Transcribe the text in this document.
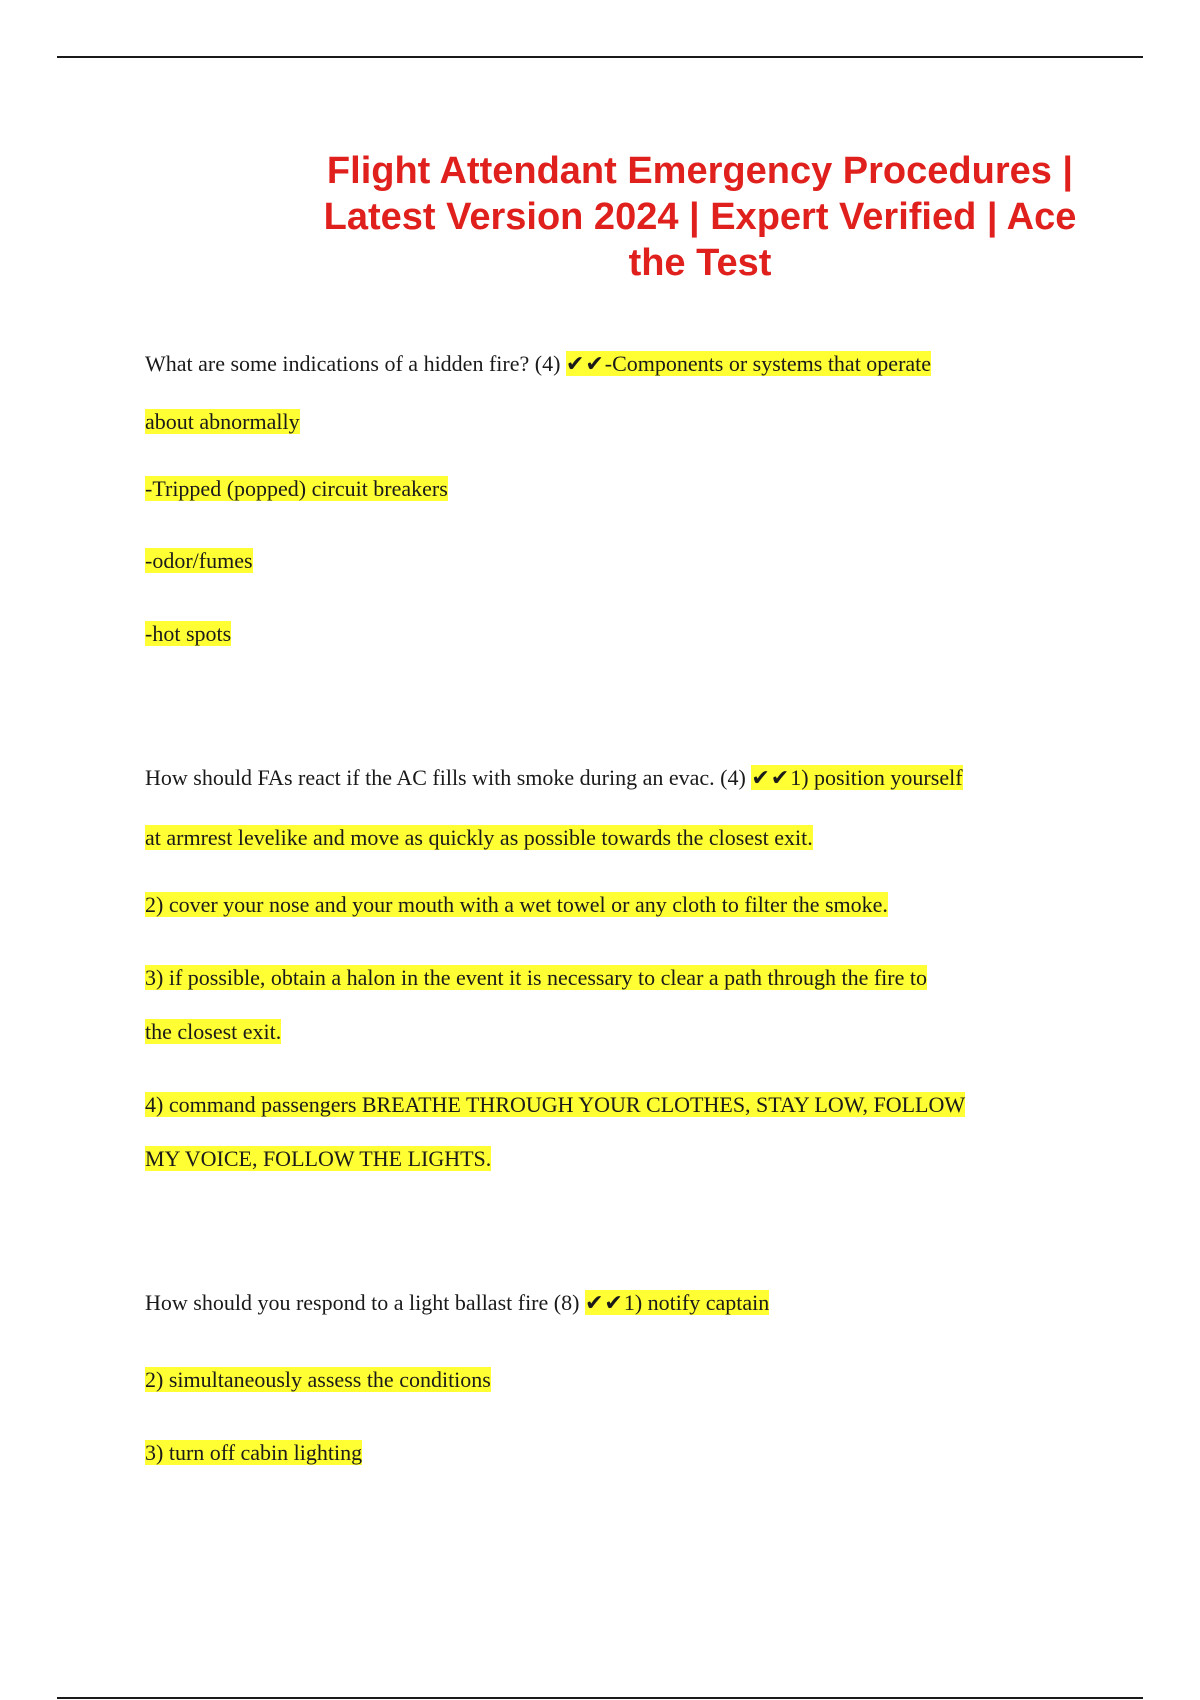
Flight Attendant Emergency Procedures | Latest Version 2024 | Expert Verified | Ace the Test

What are some indications of a hidden fire? (4) ✔✔-Components or systems that operate

about abnormally

-Tripped (popped) circuit breakers

-odor/fumes

-hot spots

How should FAs react if the AC fills with smoke during an evac. (4) ✔✔1) position yourself

at armrest levelike and move as quickly as possible towards the closest exit.

2) cover your nose and your mouth with a wet towel or any cloth to filter the smoke.

3) if possible, obtain a halon in the event it is necessary to clear a path through the fire to

the closest exit.

4) command passengers BREATHE THROUGH YOUR CLOTHES, STAY LOW, FOLLOW

MY VOICE, FOLLOW THE LIGHTS.

How should you respond to a light ballast fire (8) ✔✔1) notify captain

2) simultaneously assess the conditions

3) turn off cabin lighting
